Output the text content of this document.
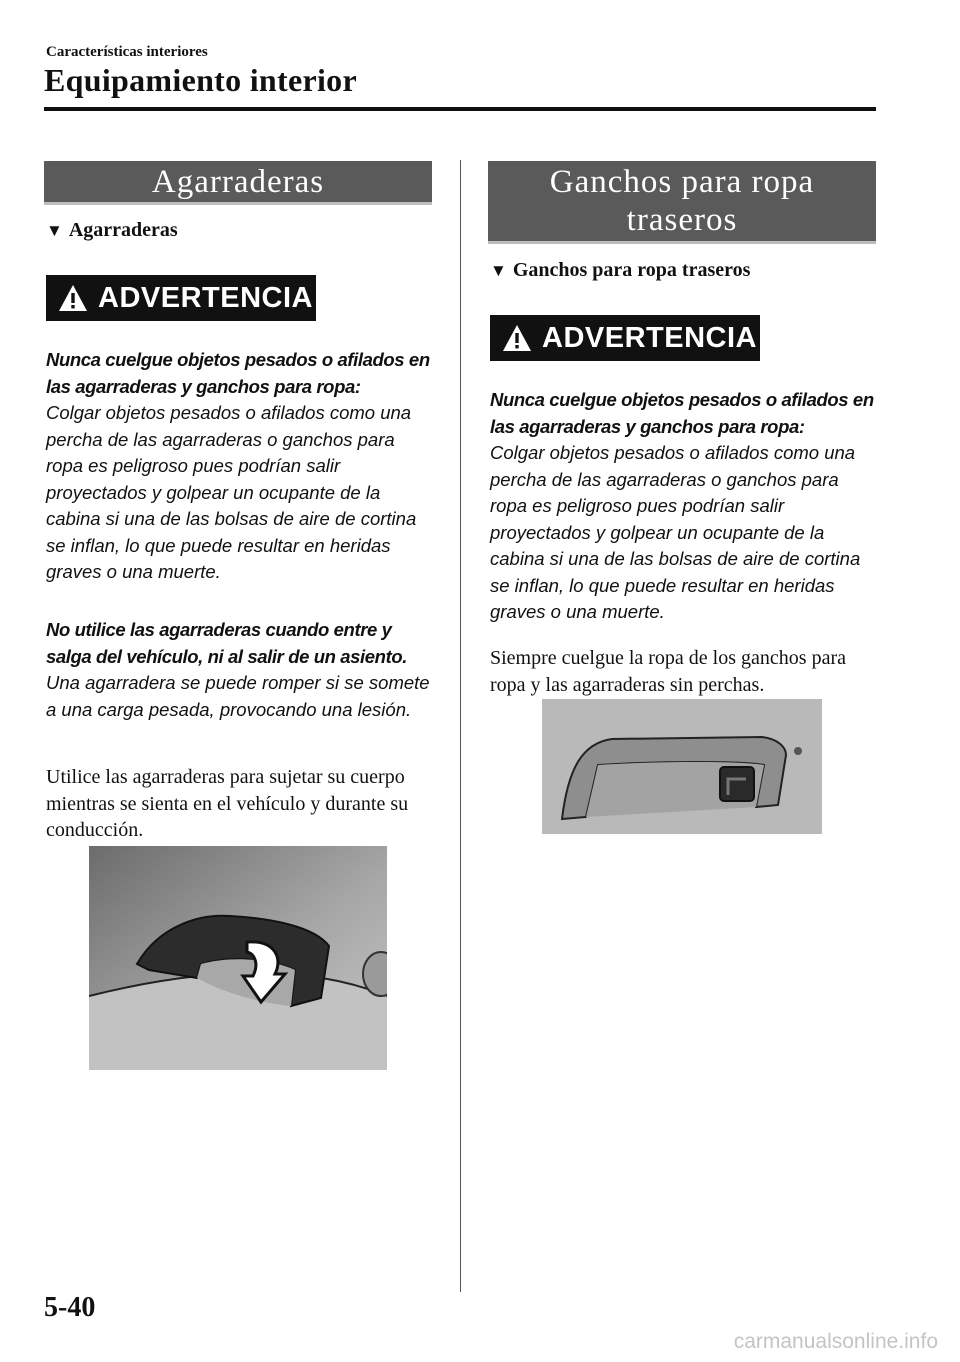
Características interiores
Equipamiento interior
Agarraderas
▼ Agarraderas
ADVERTENCIA
Nunca cuelgue objetos pesados o afilados en las agarraderas y ganchos para ropa:
Colgar objetos pesados o afilados como una percha de las agarraderas o ganchos para ropa es peligroso pues podrían salir proyectados y golpear un ocupante de la cabina si una de las bolsas de aire de cortina se inflan, lo que puede resultar en heridas graves o una muerte.
No utilice las agarraderas cuando entre y salga del vehículo, ni al salir de un asiento.
Una agarradera se puede romper si se somete a una carga pesada, provocando una lesión.
Utilice las agarraderas para sujetar su cuerpo mientras se sienta en el vehículo y durante su conducción.
Ganchos para ropa traseros
▼ Ganchos para ropa traseros
ADVERTENCIA
Nunca cuelgue objetos pesados o afilados en las agarraderas y ganchos para ropa:
Colgar objetos pesados o afilados como una percha de las agarraderas o ganchos para ropa es peligroso pues podrían salir proyectados y golpear un ocupante de la cabina si una de las bolsas de aire de cortina se inflan, lo que puede resultar en heridas graves o una muerte.
Siempre cuelgue la ropa de los ganchos para ropa y las agarraderas sin perchas.
5-40
carmanualsonline.info
